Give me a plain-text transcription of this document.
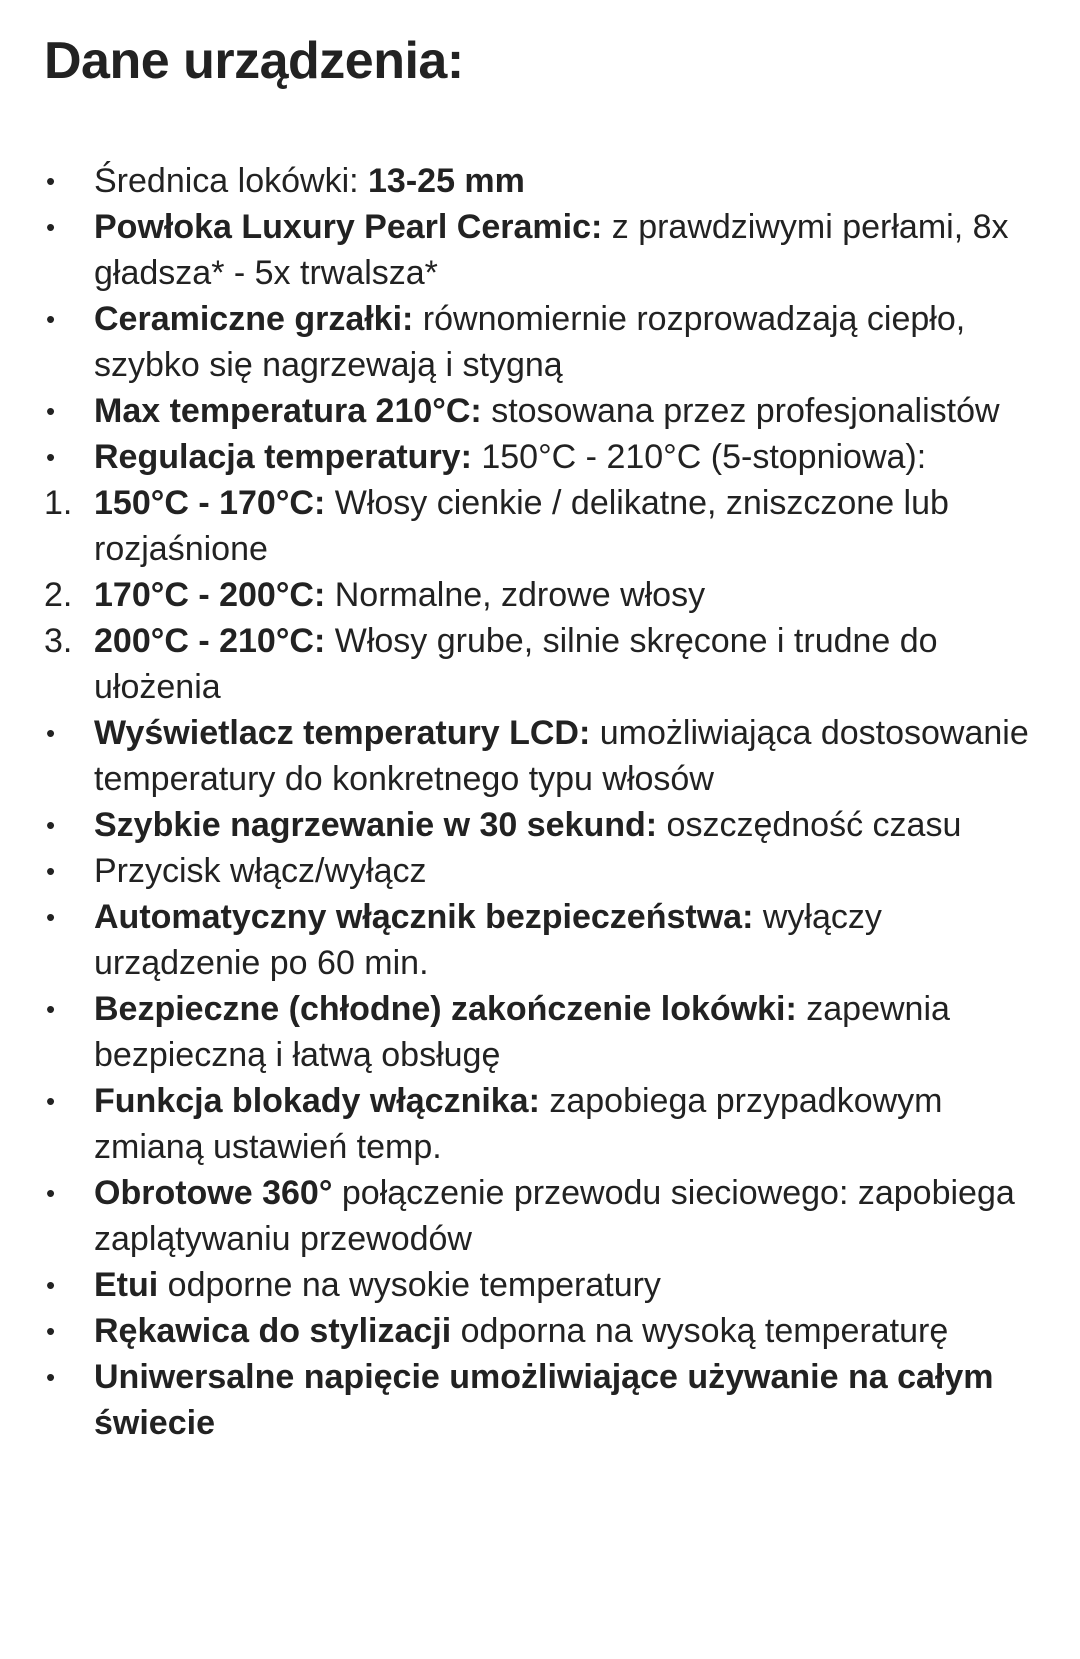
Dane urządzenia:
•	Średnica lokówki: 13-25 mm
•	Powłoka Luxury Pearl Ceramic: z prawdziwymi perłami, 8x gładsza* - 5x trwalsza*
•	Ceramiczne grzałki: równomiernie rozprowadzają ciepło, szybko się nagrzewają i stygną
•	Max temperatura 210°C: stosowana przez profesjonalistów
•	Regulacja temperatury: 150°C - 210°C (5-stopniowa):
1. 150°C - 170°C: Włosy cienkie / delikatne, zniszczone lub rozjaśnione
2. 170°C - 200°C: Normalne, zdrowe włosy
3. 200°C - 210°C: Włosy grube, silnie skręcone i trudne do ułożenia
•	Wyświetlacz temperatury LCD: umożliwiająca dostosowanie temperatury do konkretnego typu włosów
•	Szybkie nagrzewanie w 30 sekund: oszczędność czasu
•	Przycisk włącz/wyłącz
•	Automatyczny włącznik bezpieczeństwa: wyłączy urządzenie po 60 min.
•	Bezpieczne (chłodne) zakończenie lokówki: zapewnia bezpieczną i łatwą obsługę
•	Funkcja blokady włącznika: zapobiega przypadkowym zmianą ustawień temp.
•	Obrotowe 360° połączenie przewodu sieciowego: zapobiega zaplątywaniu przewodów
•	Etui odporne na wysokie temperatury
•	Rękawica do stylizacji odporna na wysoką temperaturę
•	Uniwersalne napięcie umożliwiające używanie na całym świecie
